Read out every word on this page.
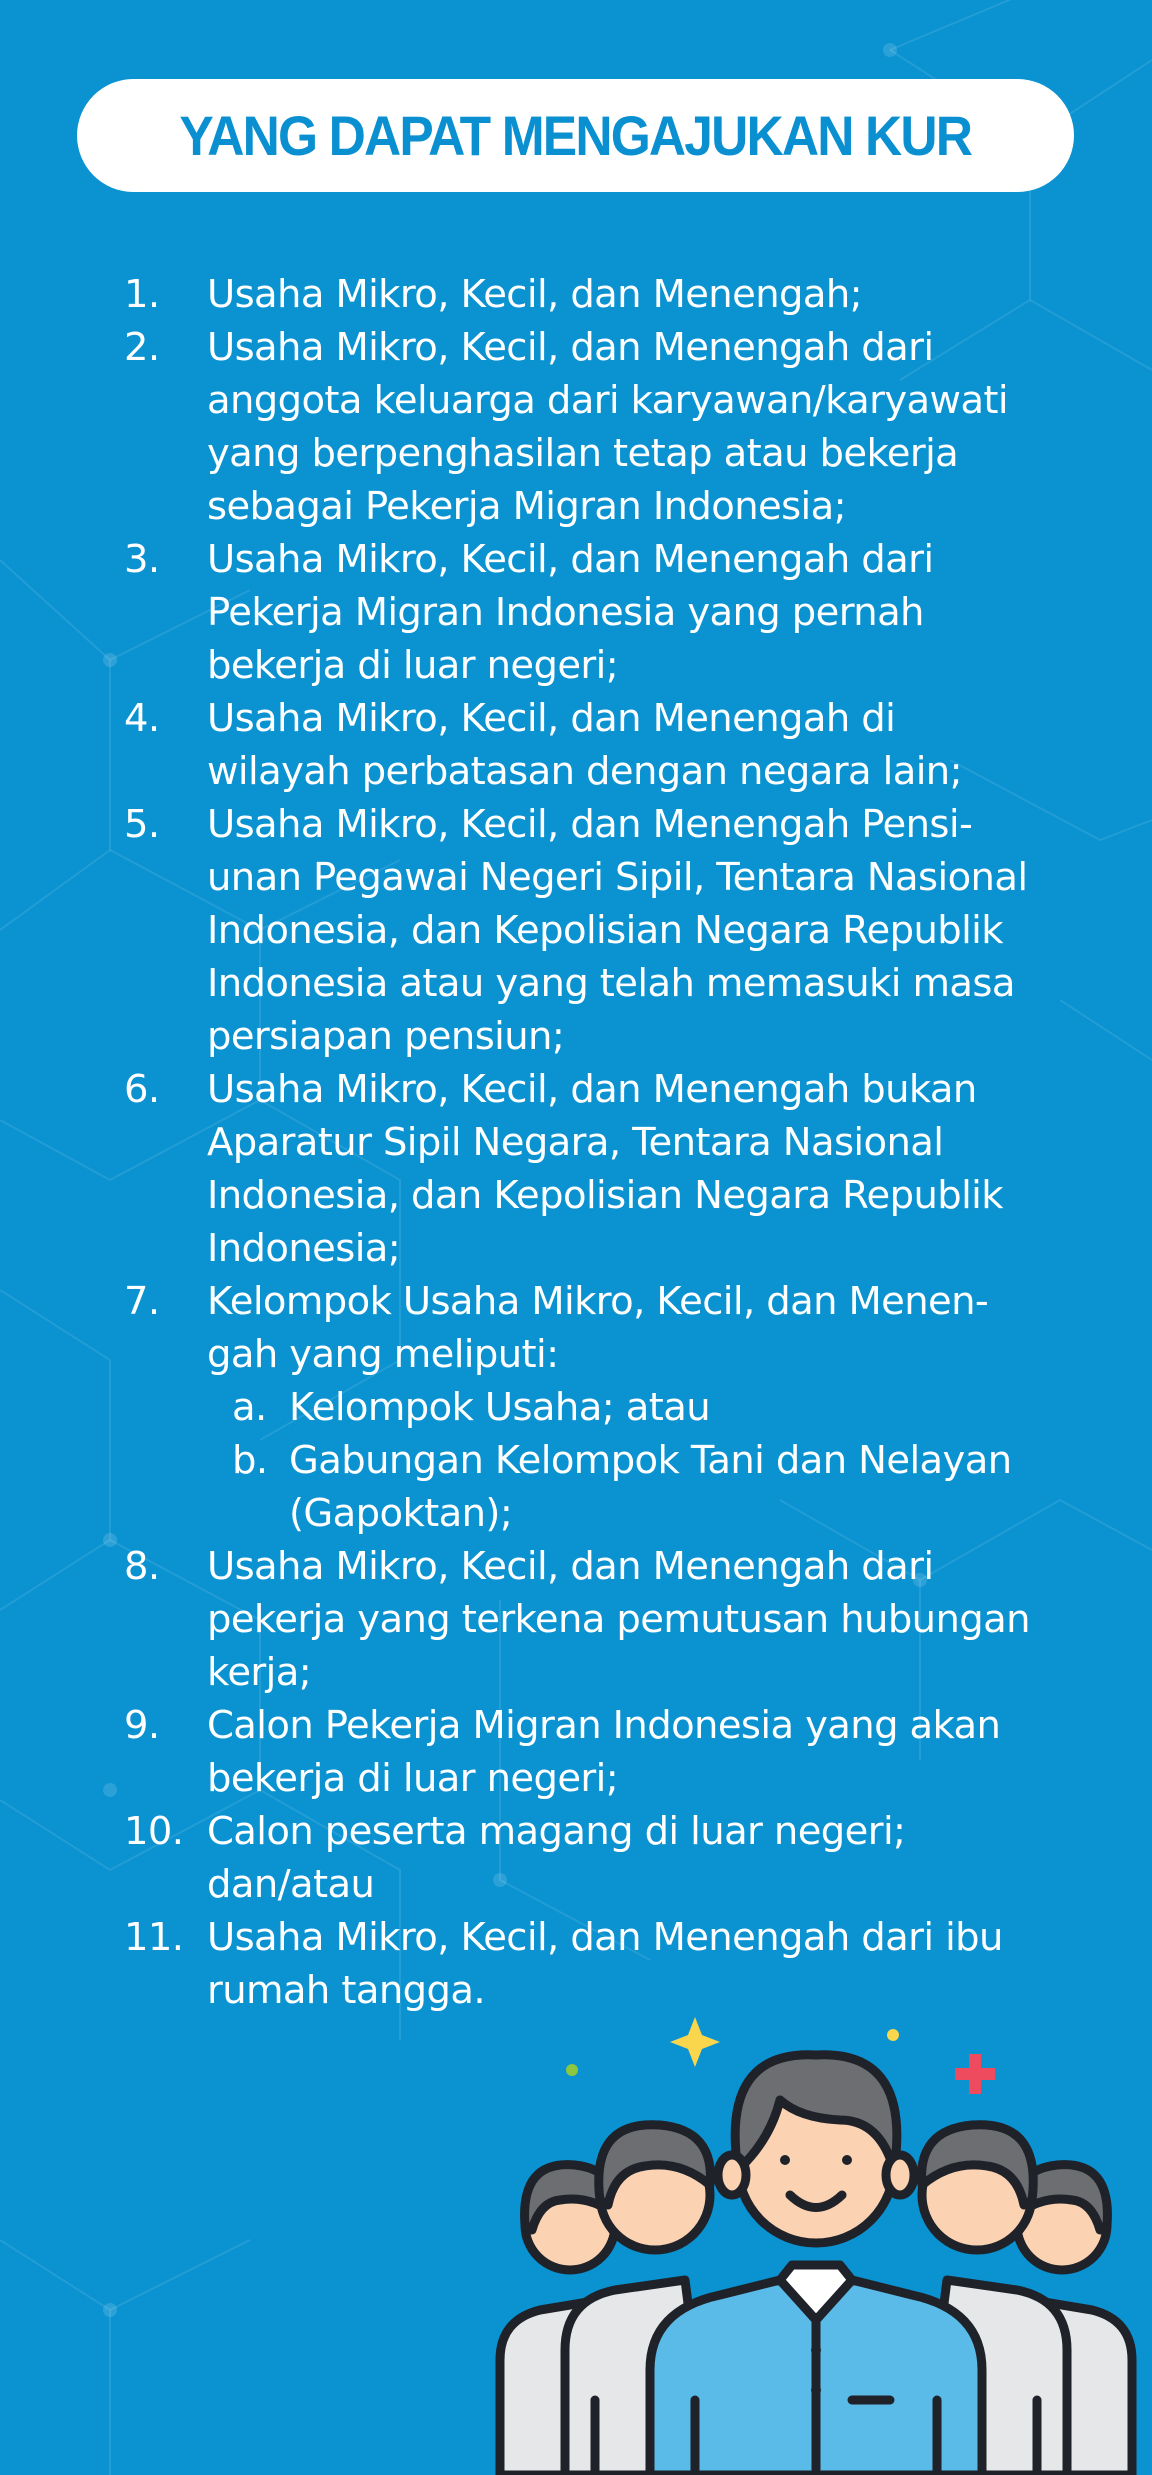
YANG DAPAT MENGAJUKAN KUR
1.	Usaha Mikro, Kecil, dan Menengah;
2.	Usaha Mikro, Kecil, dan Menengah dari
anggota keluarga dari karyawan/karyawati
yang berpenghasilan tetap atau bekerja
sebagai Pekerja Migran Indonesia;
3.	Usaha Mikro, Kecil, dan Menengah dari
Pekerja Migran Indonesia yang pernah
bekerja di luar negeri;
4.	Usaha Mikro, Kecil, dan Menengah di
wilayah perbatasan dengan negara lain;
5.	Usaha Mikro, Kecil, dan Menengah Pensi-
unan Pegawai Negeri Sipil, Tentara Nasional
Indonesia, dan Kepolisian Negara Republik
Indonesia atau yang telah memasuki masa
persiapan pensiun;
6.	Usaha Mikro, Kecil, dan Menengah bukan
Aparatur Sipil Negara, Tentara Nasional
Indonesia, dan Kepolisian Negara Republik
Indonesia;
7.	Kelompok Usaha Mikro, Kecil, dan Menen-
gah yang meliputi:
a. Kelompok Usaha; atau
b. Gabungan Kelompok Tani dan Nelayan
(Gapoktan);
8.	Usaha Mikro, Kecil, dan Menengah dari
pekerja yang terkena pemutusan hubungan
kerja;
9.	Calon Pekerja Migran Indonesia yang akan
bekerja di luar negeri;
10. Calon peserta magang di luar negeri;
dan/atau
11. Usaha Mikro, Kecil, dan Menengah dari ibu
rumah tangga.
